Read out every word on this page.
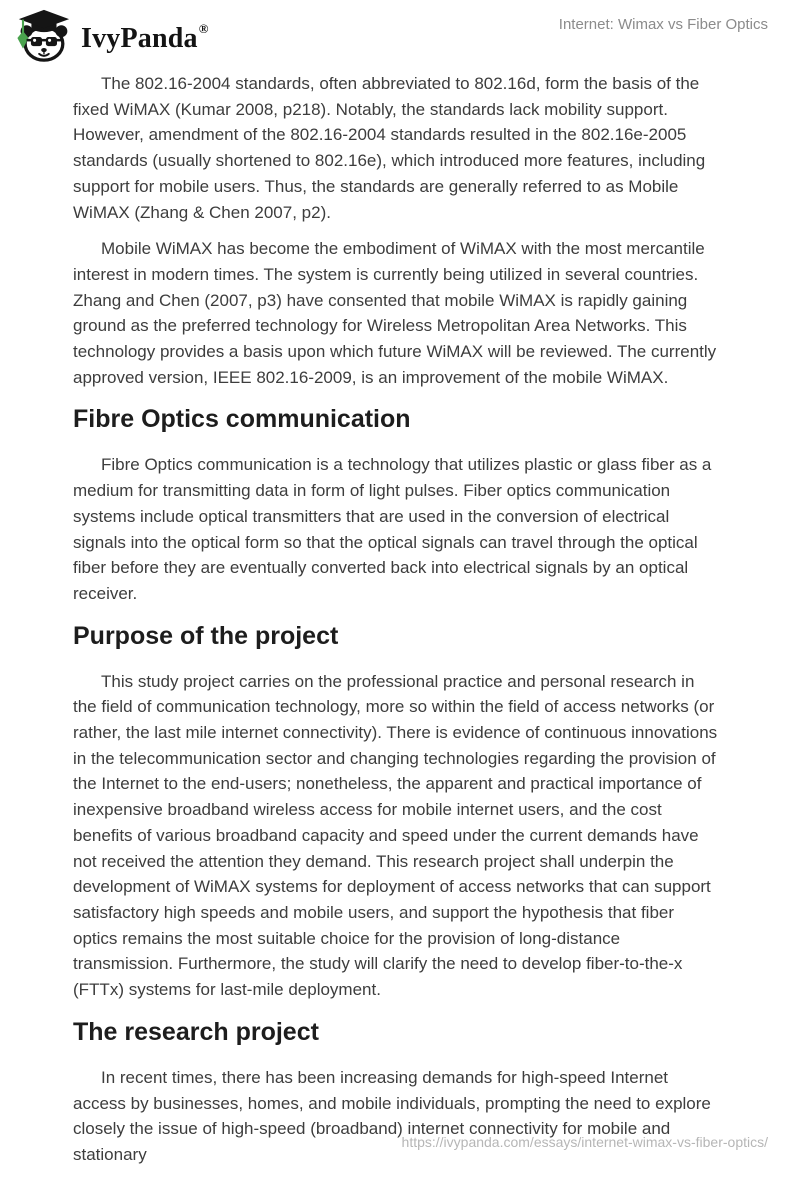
IvyPanda®	Internet: Wimax vs Fiber Optics

The 802.16-2004 standards, often abbreviated to 802.16d, form the basis of the fixed WiMAX (Kumar 2008, p218). Notably, the standards lack mobility support. However, amendment of the 802.16-2004 standards resulted in the 802.16e-2005 standards (usually shortened to 802.16e), which introduced more features, including support for mobile users. Thus, the standards are generally referred to as Mobile WiMAX (Zhang & Chen 2007, p2).

Mobile WiMAX has become the embodiment of WiMAX with the most mercantile interest in modern times. The system is currently being utilized in several countries. Zhang and Chen (2007, p3) have consented that mobile WiMAX is rapidly gaining ground as the preferred technology for Wireless Metropolitan Area Networks. This technology provides a basis upon which future WiMAX will be reviewed. The currently approved version, IEEE 802.16-2009, is an improvement of the mobile WiMAX.

Fibre Optics communication

Fibre Optics communication is a technology that utilizes plastic or glass fiber as a medium for transmitting data in form of light pulses. Fiber optics communication systems include optical transmitters that are used in the conversion of electrical signals into the optical form so that the optical signals can travel through the optical fiber before they are eventually converted back into electrical signals by an optical receiver.

Purpose of the project

This study project carries on the professional practice and personal research in the field of communication technology, more so within the field of access networks (or rather, the last mile internet connectivity). There is evidence of continuous innovations in the telecommunication sector and changing technologies regarding the provision of the Internet to the end-users; nonetheless, the apparent and practical importance of inexpensive broadband wireless access for mobile internet users, and the cost benefits of various broadband capacity and speed under the current demands have not received the attention they demand. This research project shall underpin the development of WiMAX systems for deployment of access networks that can support satisfactory high speeds and mobile users, and support the hypothesis that fiber optics remains the most suitable choice for the provision of long-distance transmission. Furthermore, the study will clarify the need to develop fiber-to-the-x (FTTx) systems for last-mile deployment.

The research project

In recent times, there has been increasing demands for high-speed Internet access by businesses, homes, and mobile individuals, prompting the need to explore closely the issue of high-speed (broadband) internet connectivity for mobile and stationary

https://ivypanda.com/essays/internet-wimax-vs-fiber-optics/
